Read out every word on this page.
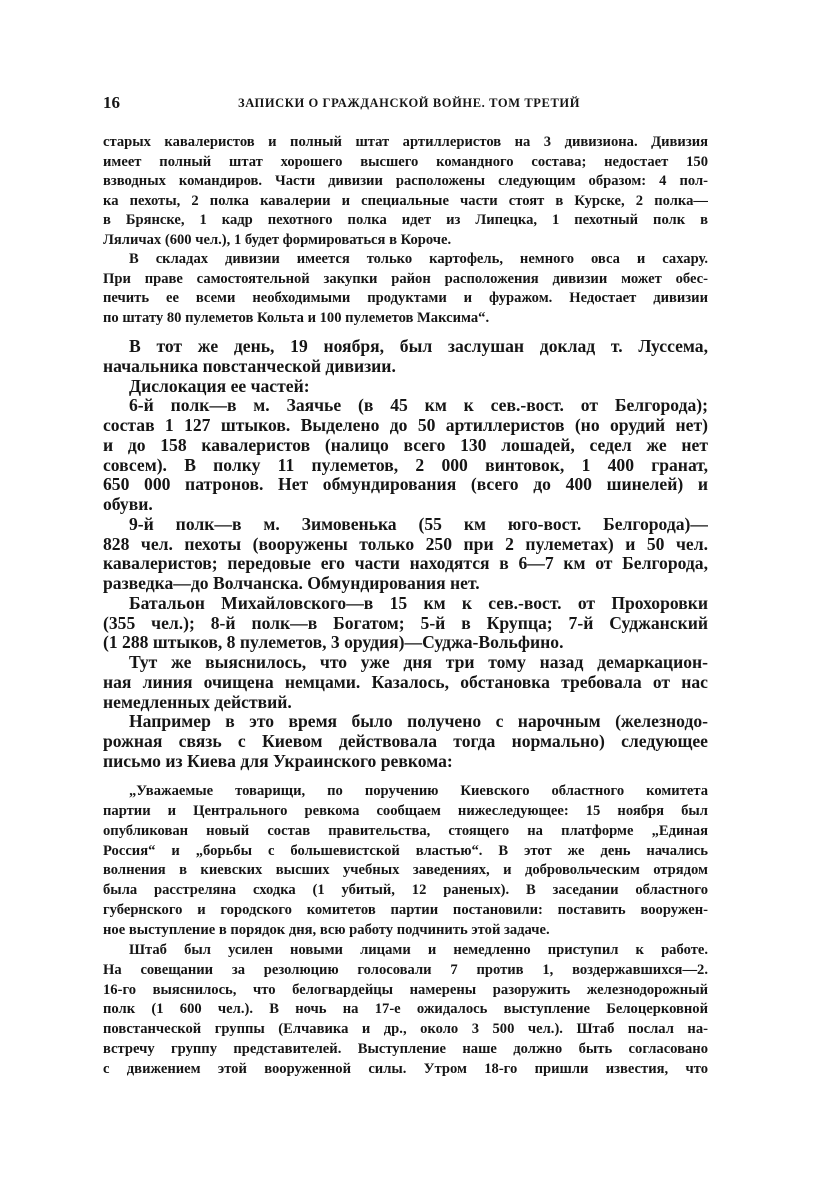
16	ЗАПИСКИ О ГРАЖДАНСКОЙ ВОЙНЕ. ТОМ ТРЕТИЙ
старых кавалеристов и полный штат артиллеристов на 3 дивизиона. Дивизия
имеет полный штат хорошего высшего командного состава; недостает 150
взводных командиров. Части дивизии расположены следующим образом: 4 пол-
ка пехоты, 2 полка кавалерии и специальные части стоят в Курске, 2 полка—
в Брянске, 1 кадр пехотного полка идет из Липецка, 1 пехотный полк в
Ляличах (600 чел.), 1 будет формироваться в Короче.
В складах дивизии имеется только картофель, немного овса и сахару.
При праве самостоятельной закупки район расположения дивизии может обес-
печить ее всеми необходимыми продуктами и фуражом. Недостает дивизии
по штату 80 пулеметов Кольта и 100 пулеметов Максима“.
В тот же день, 19 ноября, был заслушан доклад т. Луссема,
начальника повстанческой дивизии.
Дислокация ее частей:
6-й полк—в м. Заячье (в 45 км к сев.-вост. от Белгорода);
состав 1 127 штыков. Выделено до 50 артиллеристов (но орудий нет)
и до 158 кавалеристов (налицо всего 130 лошадей, седел же нет
совсем). В полку 11 пулеметов, 2 000 винтовок, 1 400 гранат,
650 000 патронов. Нет обмундирования (всего до 400 шинелей) и
обуви.
9-й полк—в м. Зимовенька (55 км юго-вост. Белгорода)—
828 чел. пехоты (вооружены только 250 при 2 пулеметах) и 50 чел.
кавалеристов; передовые его части находятся в 6—7 км от Белгорода,
разведка—до Волчанска. Обмундирования нет.
Батальон Михайловского—в 15 км к сев.-вост. от Прохоровки
(355 чел.); 8-й полк—в Богатом; 5-й в Крупца; 7-й Суджанский
(1 288 штыков, 8 пулеметов, 3 орудия)—Суджа-Вольфино.
Тут же выяснилось, что уже дня три тому назад демаркацион-
ная линия очищена немцами. Казалось, обстановка требовала от нас
немедленных действий.
Например в это время было получено с нарочным (железнодо-
рожная связь с Киевом действовала тогда нормально) следующее
письмо из Киева для Украинского ревкома:
„Уважаемые товарищи, по поручению Киевского областного комитета
партии и Центрального ревкома сообщаем нижеследующее: 15 ноября был
опубликован новый состав правительства, стоящего на платформе „Единая
Россия“ и „борьбы с большевистской властью“. В этот же день начались
волнения в киевских высших учебных заведениях, и добровольческим отрядом
была расстреляна сходка (1 убитый, 12 раненых). В заседании областного
губернского и городского комитетов партии постановили: поставить вооружен-
ное выступление в порядок дня, всю работу подчинить этой задаче.
Штаб был усилен новыми лицами и немедленно приступил к работе.
На совещании за резолюцию голосовали 7 против 1, воздержавшихся—2.
16-го выяснилось, что белогвардейцы намерены разоружить железнодорожный
полк (1 600 чел.). В ночь на 17-е ожидалось выступление Белоцерковной
повстанческой группы (Елчавика и др., около 3 500 чел.). Штаб послал на-
встречу группу представителей. Выступление наше должно быть согласовано
с движением этой вооруженной силы. Утром 18-го пришли известия, что
